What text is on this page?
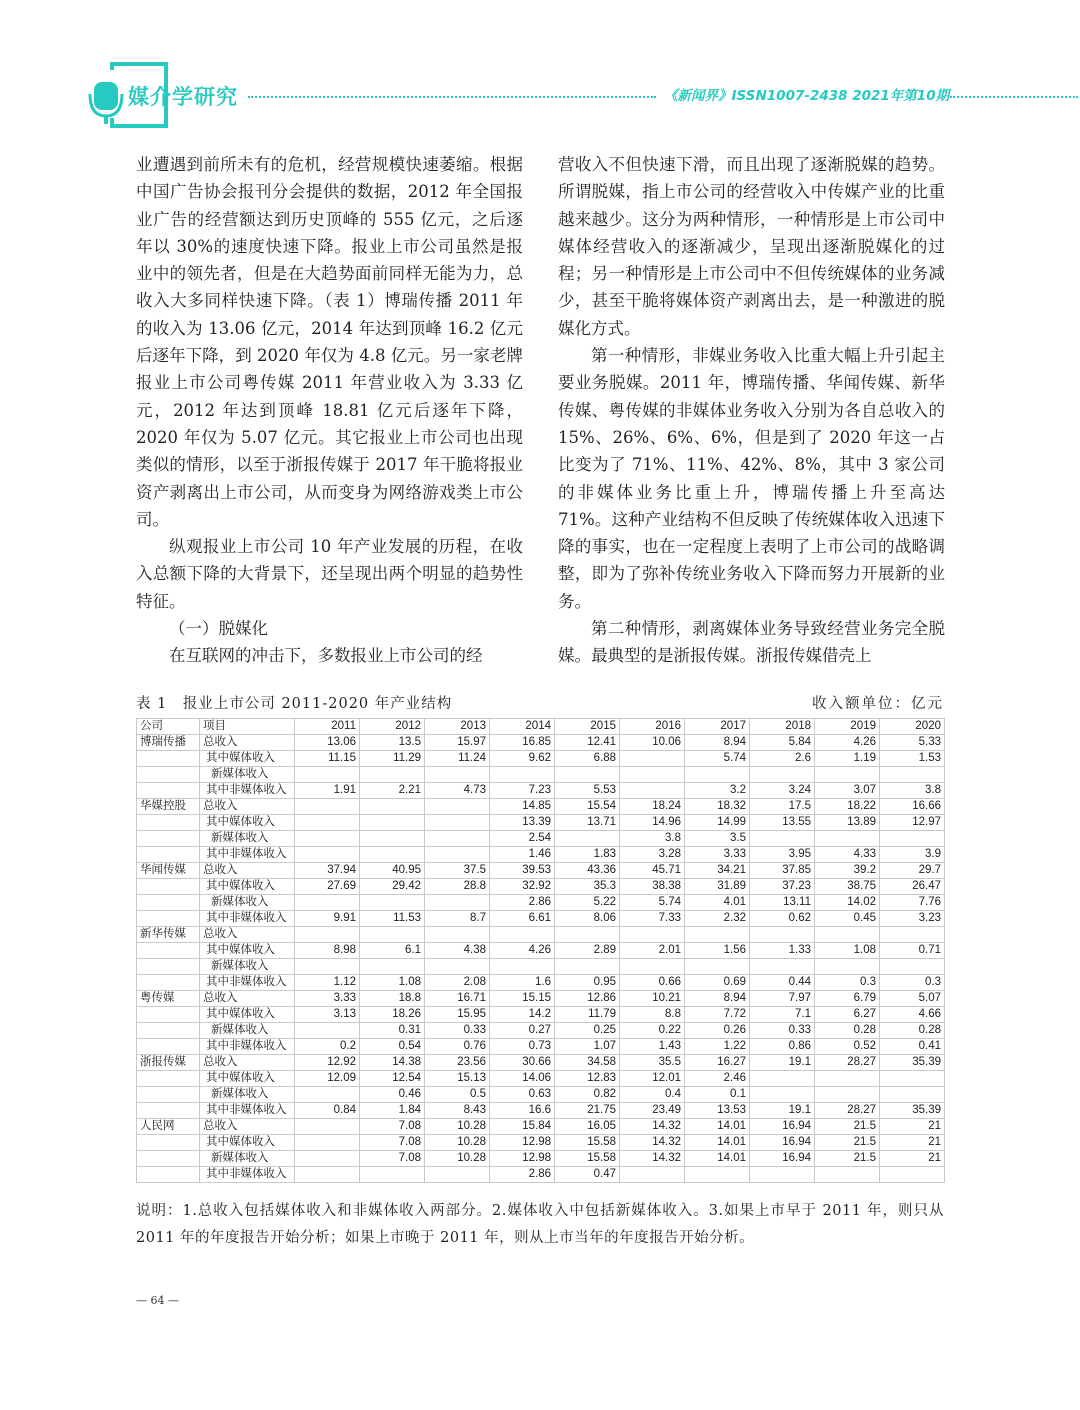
媒介学研究	《新闻界》ISSN1007-2438 2021年第10期

业遭遇到前所未有的危机，经营规模快速萎缩。根据中国广告协会报刊分会提供的数据，2012 年全国报业广告的经营额达到历史顶峰的 555 亿元，之后逐年以 30%的速度快速下降。报业上市公司虽然是报业中的领先者，但是在大趋势面前同样无能为力，总收入大多同样快速下降。（表 1）博瑞传播 2011 年的收入为 13.06 亿元，2014 年达到顶峰 16.2 亿元后逐年下降，到 2020 年仅为 4.8 亿元。另一家老牌报业上市公司粤传媒 2011 年营业收入为 3.33 亿元，2012 年达到顶峰 18.81 亿元后逐年下降，2020 年仅为 5.07 亿元。其它报业上市公司也出现类似的情形，以至于浙报传媒于 2017 年干脆将报业资产剥离出上市公司，从而变身为网络游戏类上市公司。

纵观报业上市公司 10 年产业发展的历程，在收入总额下降的大背景下，还呈现出两个明显的趋势性特征。

（一）脱媒化

在互联网的冲击下，多数报业上市公司的经

营收入不但快速下滑，而且出现了逐渐脱媒的趋势。所谓脱媒，指上市公司的经营收入中传媒产业的比重越来越少。这分为两种情形，一种情形是上市公司中媒体经营收入的逐渐减少，呈现出逐渐脱媒化的过程；另一种情形是上市公司中不但传统媒体的业务减少，甚至干脆将媒体资产剥离出去，是一种激进的脱媒化方式。

第一种情形，非媒业务收入比重大幅上升引起主要业务脱媒。2011 年，博瑞传播、华闻传媒、新华传媒、粤传媒的非媒体业务收入分别为各自总收入的 15%、26%、6%、6%，但是到了 2020 年这一占比变为了 71%、11%、42%、8%，其中 3 家公司的非媒体业务比重上升，博瑞传播上升至高达 71%。这种产业结构不但反映了传统媒体收入迅速下降的事实，也在一定程度上表明了上市公司的战略调整，即为了弥补传统业务收入下降而努力开展新的业务。

第二种情形，剥离媒体业务导致经营业务完全脱媒。最典型的是浙报传媒。浙报传媒借壳上

表 1　报业上市公司 2011-2020 年产业结构	收入额单位：亿元
公司	项目	2011	2012	2013	2014	2015	2016	2017	2018	2019	2020
博瑞传播	总收入	13.06	13.5	15.97	16.85	12.41	10.06	8.94	5.84	4.26	5.33
	其中媒体收入	11.15	11.29	11.24	9.62	6.88		5.74	2.6	1.19	1.53
	新媒体收入										
	其中非媒体收入	1.91	2.21	4.73	7.23	5.53		3.2	3.24	3.07	3.8
华媒控股	总收入				14.85	15.54	18.24	18.32	17.5	18.22	16.66
	其中媒体收入				13.39	13.71	14.96	14.99	13.55	13.89	12.97
	新媒体收入				2.54		3.8	3.5			
	其中非媒体收入				1.46	1.83	3.28	3.33	3.95	4.33	3.9
华闻传媒	总收入	37.94	40.95	37.5	39.53	43.36	45.71	34.21	37.85	39.2	29.7
	其中媒体收入	27.69	29.42	28.8	32.92	35.3	38.38	31.89	37.23	38.75	26.47
	新媒体收入				2.86	5.22	5.74	4.01	13.11	14.02	7.76
	其中非媒体收入	9.91	11.53	8.7	6.61	8.06	7.33	2.32	0.62	0.45	3.23
新华传媒	总收入										
	其中媒体收入	8.98	6.1	4.38	4.26	2.89	2.01	1.56	1.33	1.08	0.71
	新媒体收入										
	其中非媒体收入	1.12	1.08	2.08	1.6	0.95	0.66	0.69	0.44	0.3	0.3
粤传媒	总收入	3.33	18.8	16.71	15.15	12.86	10.21	8.94	7.97	6.79	5.07
	其中媒体收入	3.13	18.26	15.95	14.2	11.79	8.8	7.72	7.1	6.27	4.66
	新媒体收入		0.31	0.33	0.27	0.25	0.22	0.26	0.33	0.28	0.28
	其中非媒体收入	0.2	0.54	0.76	0.73	1.07	1.43	1.22	0.86	0.52	0.41
浙报传媒	总收入	12.92	14.38	23.56	30.66	34.58	35.5	16.27	19.1	28.27	35.39
	其中媒体收入	12.09	12.54	15.13	14.06	12.83	12.01	2.46			
	新媒体收入		0.46	0.5	0.63	0.82	0.4	0.1			
	其中非媒体收入	0.84	1.84	8.43	16.6	21.75	23.49	13.53	19.1	28.27	35.39
人民网	总收入		7.08	10.28	15.84	16.05	14.32	14.01	16.94	21.5	21
	其中媒体收入		7.08	10.28	12.98	15.58	14.32	14.01	16.94	21.5	21
	新媒体收入		7.08	10.28	12.98	15.58	14.32	14.01	16.94	21.5	21
	其中非媒体收入				2.86	0.47					
说明：1.总收入包括媒体收入和非媒体收入两部分。2.媒体收入中包括新媒体收入。3.如果上市早于 2011 年，则只从 2011 年的年度报告开始分析；如果上市晚于 2011 年，则从上市当年的年度报告开始分析。
— 64 —
